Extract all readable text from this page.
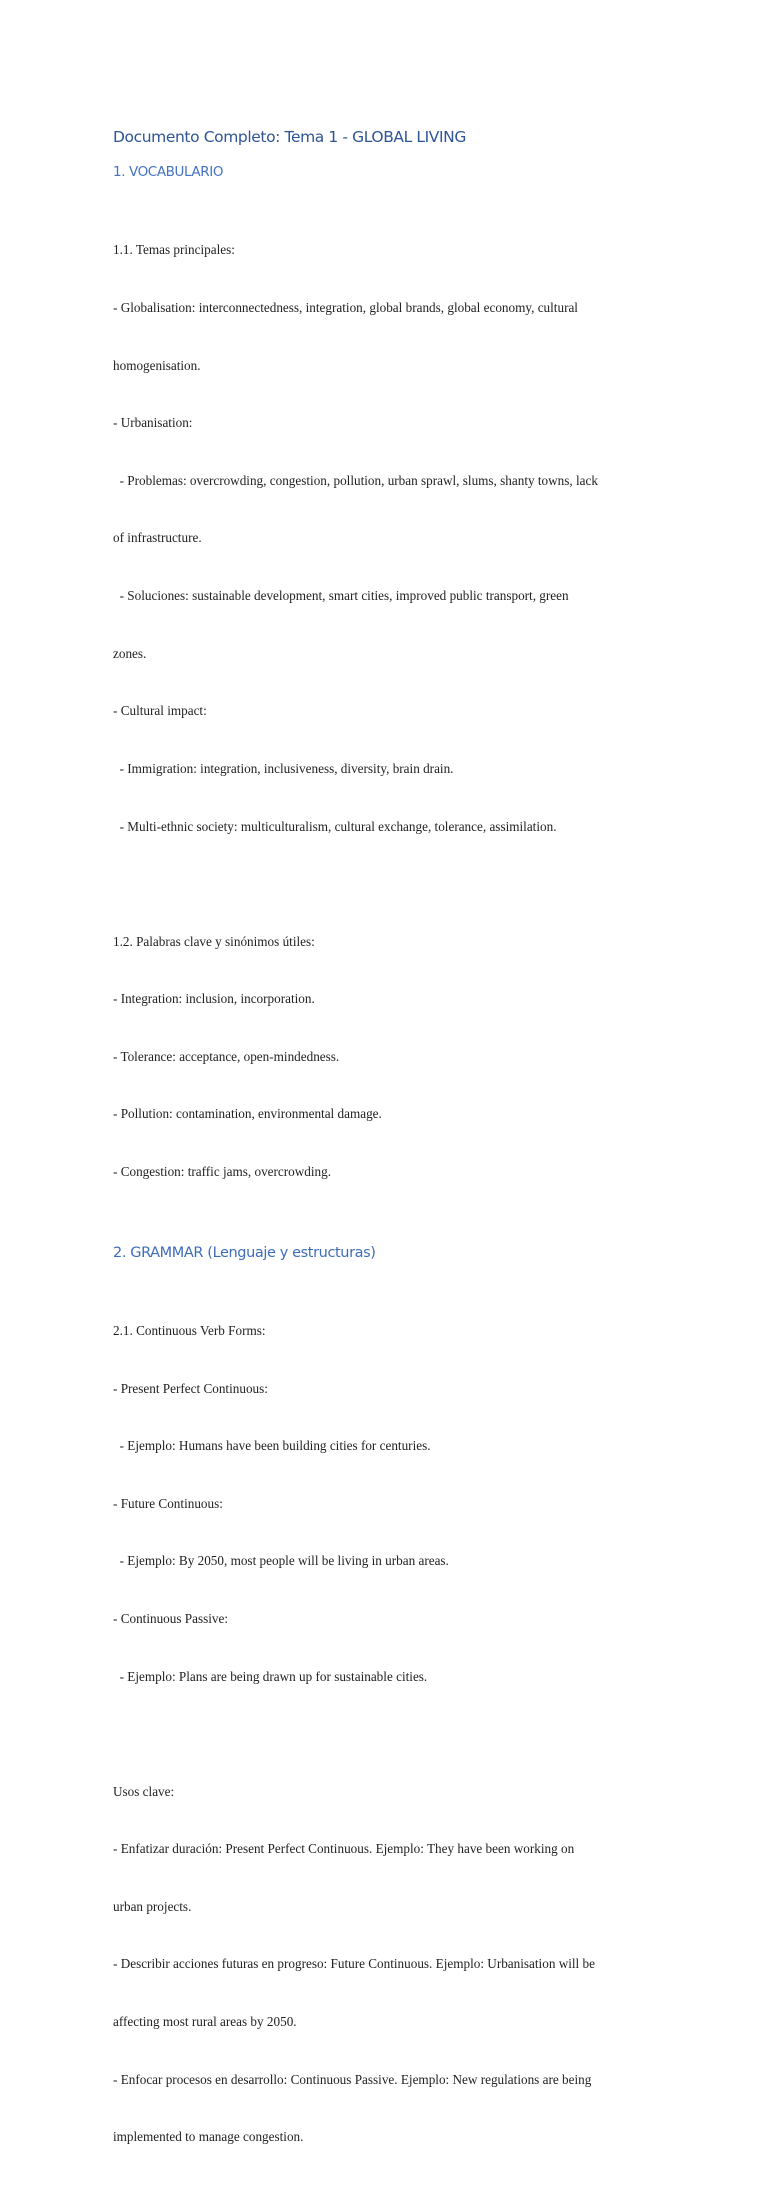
Documento Completo: Tema 1 - GLOBAL LIVING
1. VOCABULARIO

1.1. Temas principales:

- Globalisation: interconnectedness, integration, global brands, global economy, cultural

homogenisation.

- Urbanisation:

- Problemas: overcrowding, congestion, pollution, urban sprawl, slums, shanty towns, lack

of infrastructure.

- Soluciones: sustainable development, smart cities, improved public transport, green

zones.

- Cultural impact:

- Immigration: integration, inclusiveness, diversity, brain drain.

- Multi-ethnic society: multiculturalism, cultural exchange, tolerance, assimilation.

1.2. Palabras clave y sinónimos útiles:

- Integration: inclusion, incorporation.

- Tolerance: acceptance, open-mindedness.

- Pollution: contamination, environmental damage.

- Congestion: traffic jams, overcrowding.

2. GRAMMAR (Lenguaje y estructuras)

2.1. Continuous Verb Forms:

- Present Perfect Continuous:

- Ejemplo: Humans have been building cities for centuries.

- Future Continuous:

- Ejemplo: By 2050, most people will be living in urban areas.

- Continuous Passive:

- Ejemplo: Plans are being drawn up for sustainable cities.

Usos clave:

- Enfatizar duración: Present Perfect Continuous. Ejemplo: They have been working on

urban projects.

- Describir acciones futuras en progreso: Future Continuous. Ejemplo: Urbanisation will be

affecting most rural areas by 2050.

- Enfocar procesos en desarrollo: Continuous Passive. Ejemplo: New regulations are being

implemented to manage congestion.
